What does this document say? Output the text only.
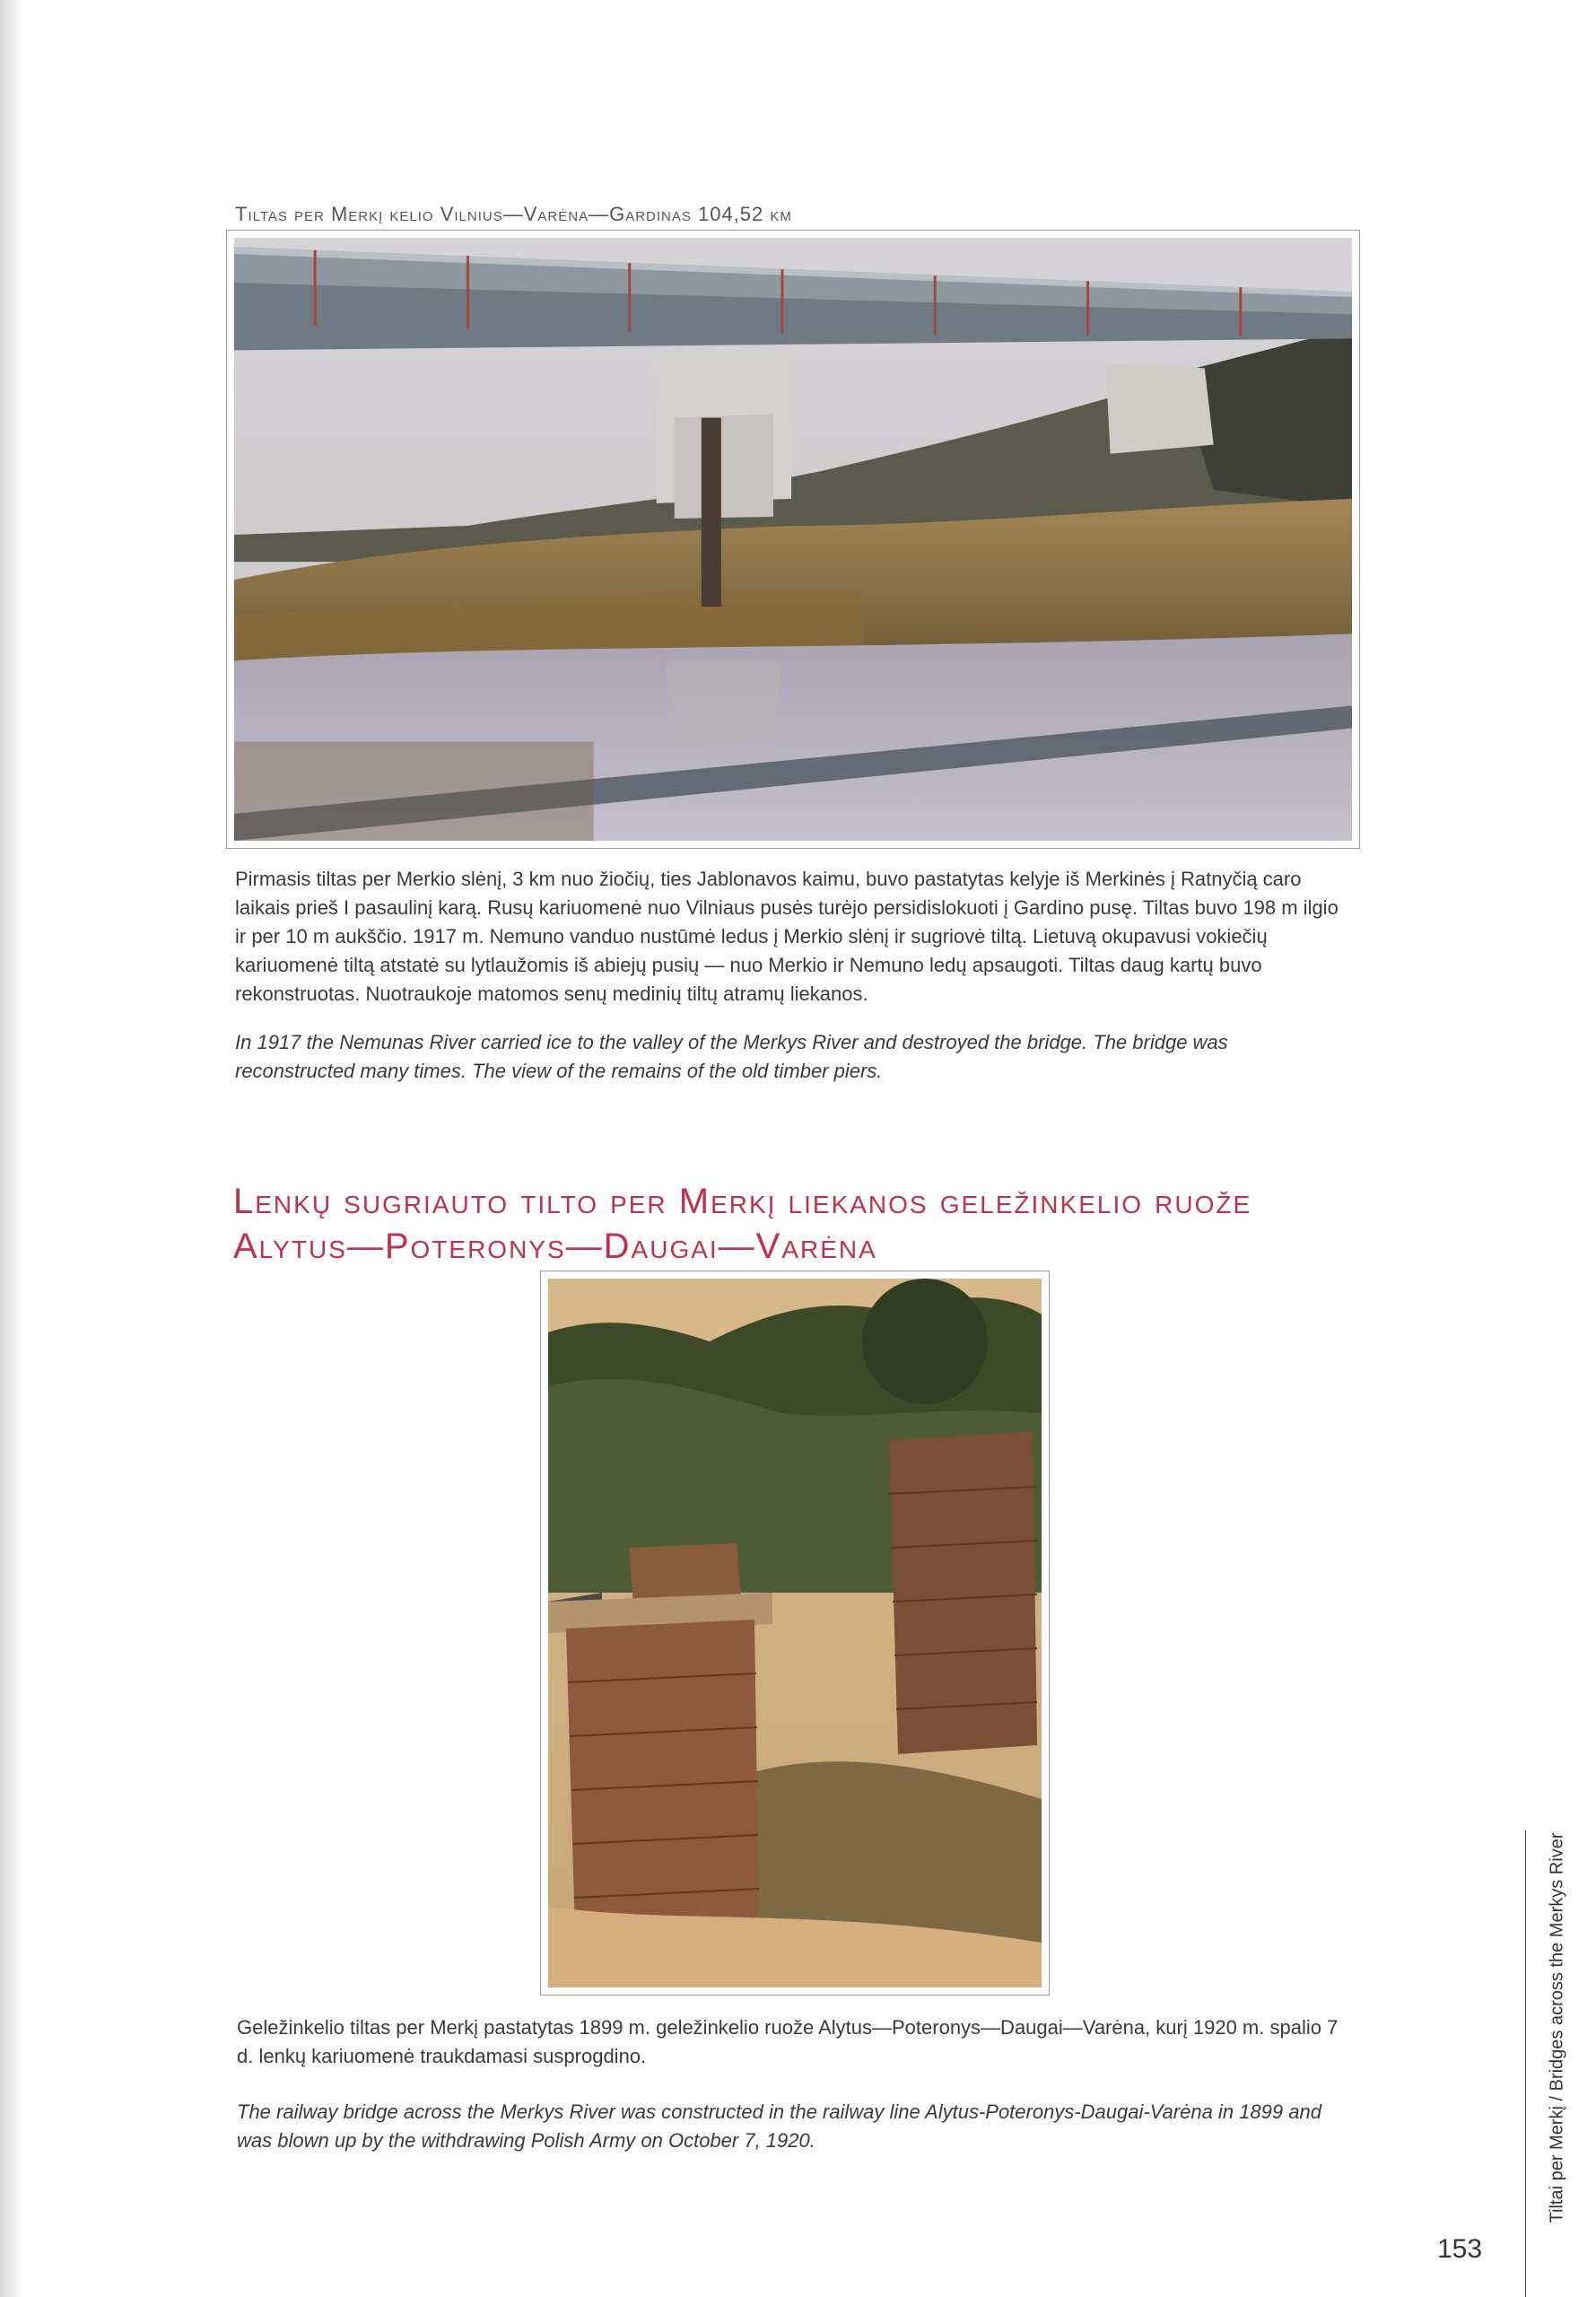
Tiltas per Merkį kelio Vilnius—Varėna—Gardinas 104,52 km
Pirmasis tiltas per Merkio slėnį, 3 km nuo žiočių, ties Jablonavos kaimu, buvo pastatytas kelyje iš Merkinės į Ratnyčią caro laikais prieš I pasaulinį karą. Rusų kariuomenė nuo Vilniaus pusės turėjo persidislokuoti į Gardino pusę. Tiltas buvo 198 m ilgio ir per 10 m aukščio. 1917 m. Nemuno vanduo nustūmė ledus į Merkio slėnį ir sugriovė tiltą. Lietuvą okupavusi vokiečių kariuomenė tiltą atstatė su lytlaužomis iš abiejų pusių — nuo Merkio ir Nemuno ledų apsaugoti. Tiltas daug kartų buvo rekonstruotas. Nuotraukoje matomos senų medinių tiltų atramų liekanos.
In 1917 the Nemunas River carried ice to the valley of the Merkys River and destroyed the bridge. The bridge was reconstructed many times. The view of the remains of the old timber piers.
Lenkų sugriauto tilto per Merkį liekanos geležinkelio ruože
Alytus—Poteronys—Daugai—Varėna
Geležinkelio tiltas per Merkį pastatytas 1899 m. geležinkelio ruože Alytus—Poteronys—Daugai—Varėna, kurį 1920 m. spalio 7 d. lenkų kariuomenė traukdamasi susprogdino.
The railway bridge across the Merkys River was constructed in the railway line Alytus-Poteronys-Daugai-Varėna in 1899 and was blown up by the withdrawing Polish Army on October 7, 1920.	Tiltai per Merkį / Bridges across the Merkys River
153
